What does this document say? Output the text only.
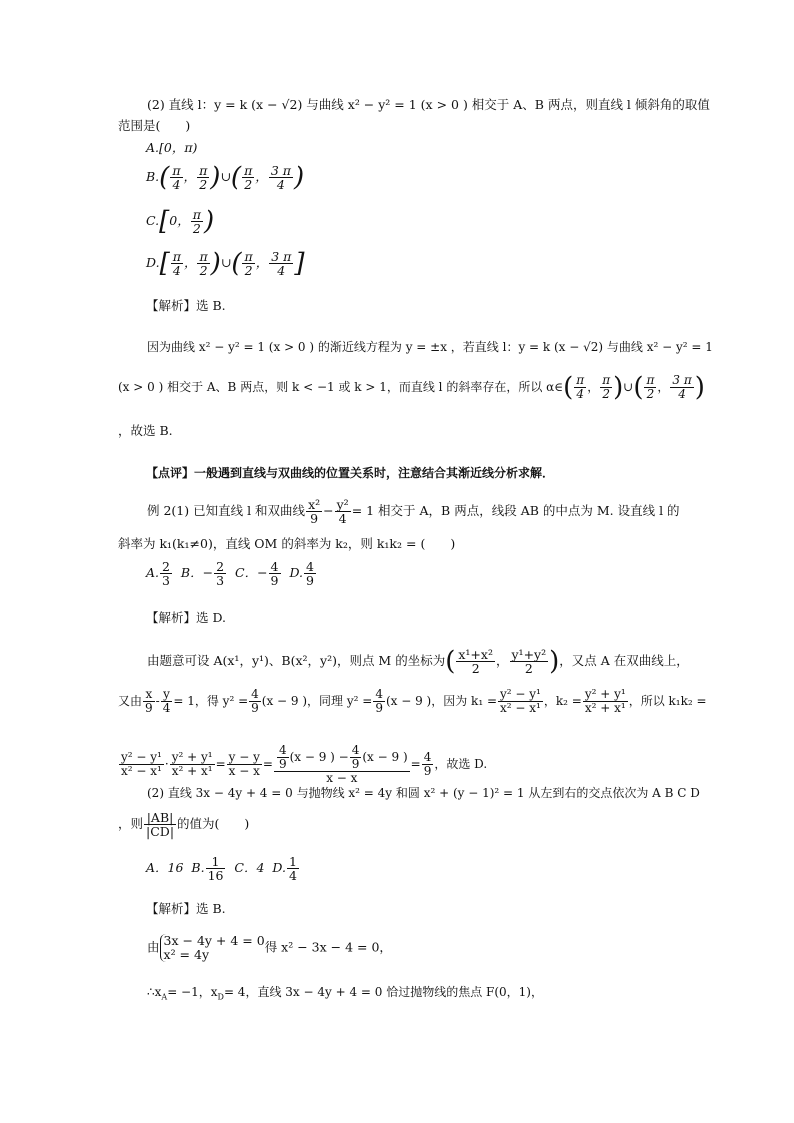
(2) 直线 l：y = k (x − √2) 与曲线 x² − y² = 1 (x > 0 ) 相交于 A、B 两点，则直线 l 倾斜角的取值
范围是(　　)
A.[0，π)
$B.( \frac{\pi}{4}$ ， $\frac{\pi}{2}$ )∪( $\frac{\pi}{2}$ ， $\frac{3 \pi}{4}$ )
C.[0， $\frac{\pi}{2}$ )
$D.[ \frac{\pi}{4}$ ， $\frac{\pi}{2}$ )∪( $\frac{\pi}{2}$ ， $\frac{3 \pi}{4}$ ]
【解析】选 B.
因为曲线 x² − y² = 1 (x > 0 ) 的渐近线方程为 y = ±x ，若直线 l：y = k (x − √2) 与曲线 x² − y² = 1
(x > 0 ) 相交于 A、B 两点，则 k < −1 或 k > 1，而直线 l 的斜率存在，所以 α∈( $\frac{\pi}{4}$ ， $\frac{\pi}{2}$ )∪( $\frac{\pi}{2}$ ， $\frac{3 \pi}{4}$ )
，故选 B.
【点评】一般遇到直线与双曲线的位置关系时，注意结合其渐近线分析求解．
例 2(1) 已知直线 l 和双曲线 $\frac{\text{x²}}{9} - \frac{\text{y²}}{4} = 1$ 相交于 A，B 两点，线段 AB 的中点为 M. 设直线 l 的
斜率为 k₁(k₁≠0)，直线 OM 的斜率为 k₂，则 k₁k₂ = (　　)
A. $\frac{2}{3}$ B．− $\frac{2}{3}$ C．− $\frac{4}{9} D$. $\frac{4}{9}$
【解析】选 D.
由题意可设 A(x¹，y¹)、B(x²，y²)，则点 M 的坐标为( $\frac{\text{x¹+x²}}{2}$ ， $\frac{\text{y¹+y²}}{2}$ )，又点 A 在双曲线上，
又由 $\frac{x}{9} - \frac{y}{4} = 1$，得 $y^2 = \frac{4}{9} (x - 9$ )，同理 $y^2 = \frac{4}{9} (x - 9$ )，因为 $k_1 = \frac{\text{y² − y¹}}{\text{x² − x¹}}$ ，$k_2 = \frac{\text{y² + y¹}}{\text{x² + x¹}}$ ，所以 k₁k₂ =
$\frac{\text{y² − y¹}}{\text{x² − x¹}} \cdot \frac{\text{y² + y¹}}{\text{x² + x¹}} = \frac{y - y}{x - x} = \frac{\frac{4}{9} (x - 9 ) - \frac{4}{9} (x - 9 )}{x - x} = \frac{4}{9}$ ，故选 D.
(2) 直线 3x − 4y + 4 = 0 与抛物线 x² = 4y 和圆 x² + (y − 1)² = 1 从左到右的交点依次为 A B C D
，则 $\frac{|AB|}{|CD|}$ 的值为(　　)
A．16 B. $\frac{1}{16}$ C．4 D. $\frac{1}{4}$
【解析】选 B.
由 3x − 4y + 4 = 0
x² = 4y	得 x² − 3x − 4 = 0，
$\therefore x_A= -1$，$x_D= 4$，直线 3x − 4y + 4 = 0 恰过抛物线的焦点 F(0，1)，
